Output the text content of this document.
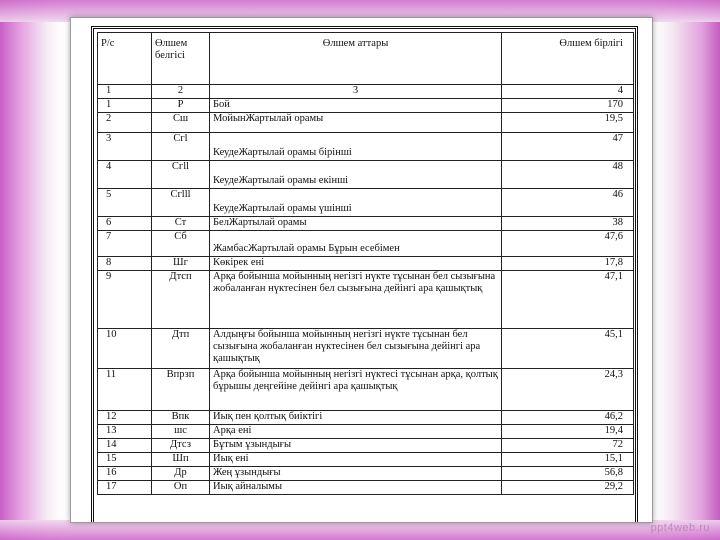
Р/с	Өлшем белгісі	Өлшем аттары	Өлшем бірлігі
1	2	3	4
1	Р	Бой	170
2	Сш	МойынЖартылай орамы	19,5
3	Сгl	КеудеЖартылай орамы бірінші	47
4	Сгll	КеудеЖартылай орамы екінші	48
5	Сгlll	КеудеЖартылай орамы үшінші	46
6	Ст	БелЖартылай орамы	38
7	Сб	ЖамбасЖартылай орамы Бұрын есебімен	47,6
8	Шг	Көкірек ені	17,8
9	Дтсп	Арқа бойынша мойынның негізгі нүкте тұсынан бел сызығына жобаланған нүктесінен бел сызығына дейінгі ара қашықтық	47,1
10	Дтп	Алдыңғы бойынша мойынның негізгі нүкте тұсынан бел сызығына жобаланған нүктесінен бел сызығына дейінгі ара қашықтық	45,1
11	Впрзп	Арқа бойынша мойынның негізгі нүктесі тұсынан арқа, қолтық бұрышы деңгейіне дейінгі ара қашықтық	24,3
12	Впк	Иық пен қолтық биіктігі	46,2
13	шс	Арқа ені	19,4
14	Дтсз	Бұтым ұзындығы	72
15	Шп	Иық ені	15,1
16	Др	Жең ұзындығы	56,8
17	Оп	Иық айналымы	29,2
ppt4web.ru
